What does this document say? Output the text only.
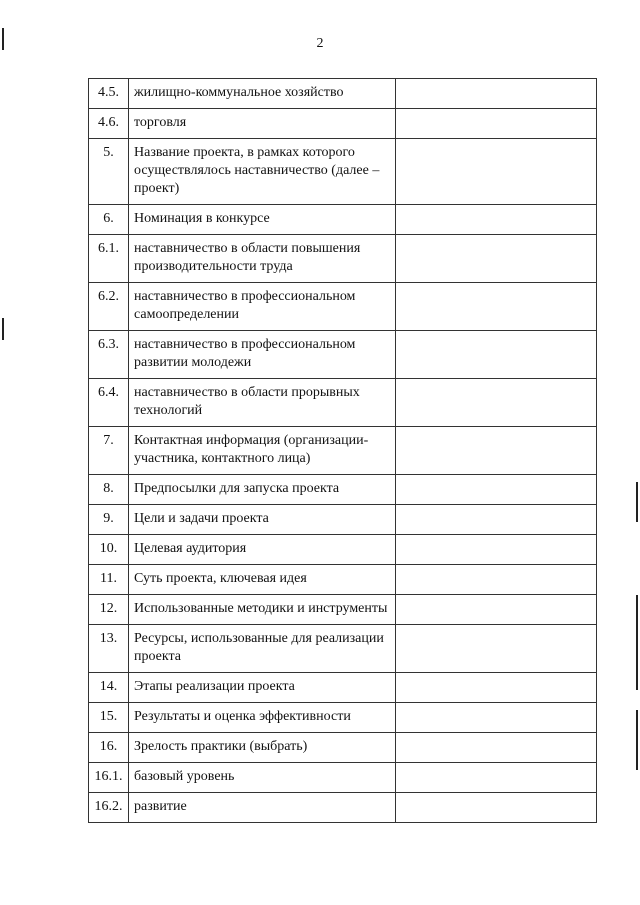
2
4.5.	жилищно-коммунальное хозяйство	
4.6.	торговля	
5.	Название проекта, в рамках которого осуществлялось наставничество (далее – проект)	
6.	Номинация в конкурсе	
6.1.	наставничество в области повышения производительности труда	
6.2.	наставничество в профессиональном самоопределении	
6.3.	наставничество в профессиональном развитии молодежи	
6.4.	наставничество в области прорывных технологий	
7.	Контактная информация (организации-участника, контактного лица)	
8.	Предпосылки для запуска проекта	
9.	Цели и задачи проекта	
10.	Целевая аудитория	
11.	Суть проекта, ключевая идея	
12.	Использованные методики и инструменты	
13.	Ресурсы, использованные для реализации проекта	
14.	Этапы реализации проекта	
15.	Результаты и оценка эффективности	
16.	Зрелость практики (выбрать)	
16.1.	базовый уровень	
16.2.	развитие	
